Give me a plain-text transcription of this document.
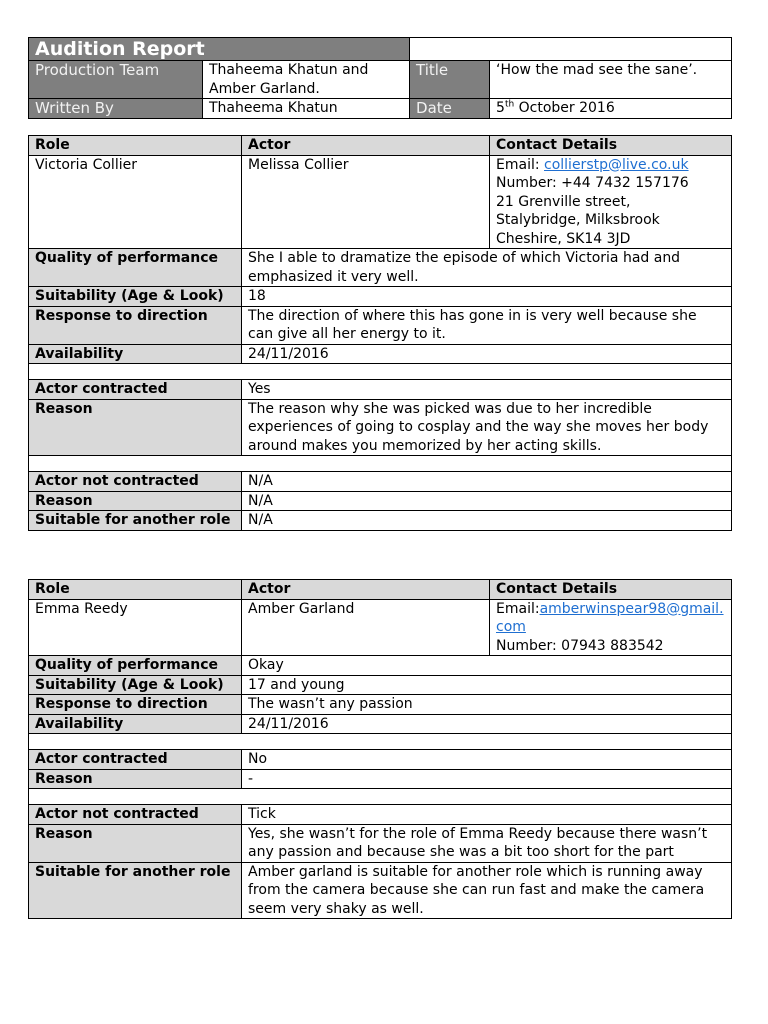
Audition Report			
Production Team	Thaheema Khatun and Amber Garland.	Title	‘How the mad see the sane’.
Written By	Thaheema Khatun	Date	5th October 2016
Role	Actor	Contact Details
Victoria Collier	Melissa Collier	Email: collierstp@live.co.uk
Number: +44 7432 157176
21 Grenville street,
Stalybridge, Milksbrook
Cheshire, SK14 3JD
Quality of performance	She I able to dramatize the episode of which Victoria had and emphasized it very well.	
Suitability (Age & Look)	18	
Response to direction	The direction of where this has gone in is very well because she can give all her energy to it.	
Availability	24/11/2016	

Actor contracted	Yes	
Reason	The reason why she was picked was due to her incredible experiences of going to cosplay and the way she moves her body around makes you memorized by her acting skills.	

Actor not contracted	N/A	
Reason	N/A	
Suitable for another role	N/A	
Role	Actor	Contact Details
Emma Reedy	Amber Garland	Email:amberwinspear98@gmail.com
Number: 07943 883542
Quality of performance	Okay	
Suitability (Age & Look)	17 and young	
Response to direction	The wasn’t any passion	
Availability	24/11/2016	

Actor contracted	No	
Reason	-	

Actor not contracted	Tick	
Reason	Yes, she wasn’t for the role of Emma Reedy because there wasn’t any passion and because she was a bit too short for the part	
Suitable for another role	Amber garland is suitable for another role which is running away from the camera because she can run fast and make the camera seem very shaky as well.	
